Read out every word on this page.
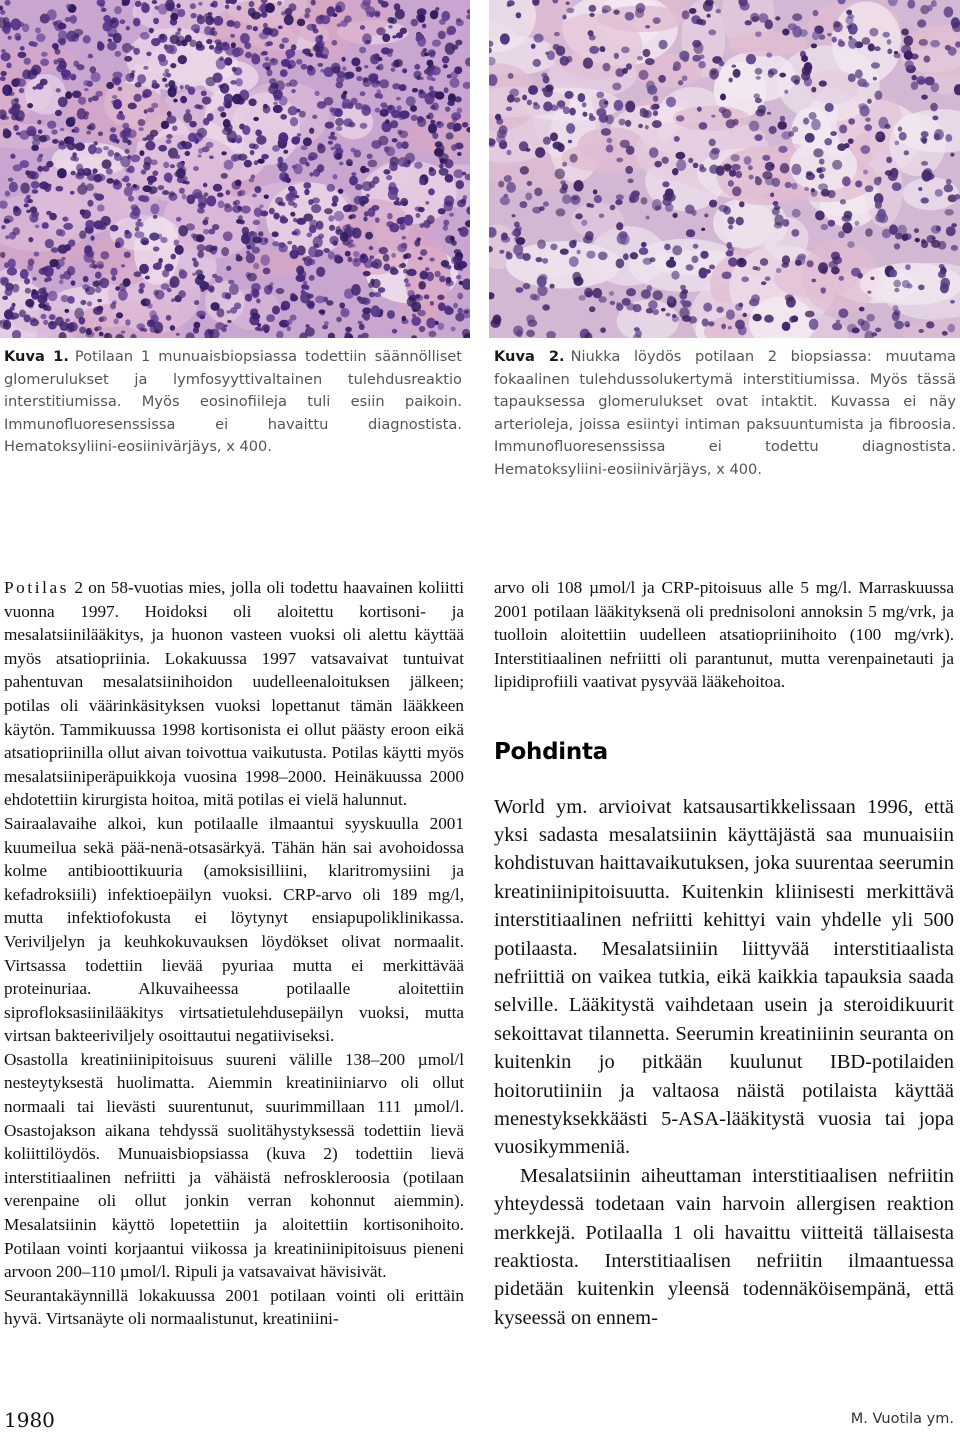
Kuva 1. Potilaan 1 munuaisbiopsiassa todettiin säännölliset glomerulukset ja lymfosyyttivaltainen tulehdusreaktio interstitiumissa. Myös eosinofiileja tuli esiin paikoin. Immunofluoresenssissa ei havaittu diagnostista. Hematoksyliini-eosiinivärjäys, x 400.
Kuva 2. Niukka löydös potilaan 2 biopsiassa: muutama fokaalinen tulehdussolukertymä interstitiumissa. Myös tässä tapauksessa glomerulukset ovat intaktit. Kuvassa ei näy arterioleja, joissa esiintyi intiman paksuuntumista ja fibroosia. Immunofluoresenssissa ei todettu diagnostista. Hematoksyliini-eosiinivärjäys, x 400.

Potilas 2 on 58-vuotias mies, jolla oli todettu haavainen koliitti vuonna 1997. Hoidoksi oli aloitettu kortisoni- ja mesalatsiinilääkitys, ja huonon vasteen vuoksi oli alettu käyttää myös atsatiopriinia. Lokakuussa 1997 vatsavaivat tuntuivat pahentuvan mesalatsiinihoidon uudelleenaloituksen jälkeen; potilas oli väärinkäsityksen vuoksi lopettanut tämän lääkkeen käytön. Tammikuussa 1998 kortisonista ei ollut päästy eroon eikä atsatiopriinilla ollut aivan toivottua vaikutusta. Potilas käytti myös mesalatsiiniperäpuikkoja vuosina 1998–2000. Heinäkuussa 2000 ehdotettiin kirurgista hoitoa, mitä potilas ei vielä halunnut.

Sairaalavaihe alkoi, kun potilaalle ilmaantui syyskuulla 2001 kuumeilua sekä pää-nenä-otsasärkyä. Tähän hän sai avohoidossa kolme antibioottikuuria (amoksisilliini, klaritromysiini ja kefadroksiili) infektioepäilyn vuoksi. CRP-arvo oli 189 mg/l, mutta infektiofokusta ei löytynyt ensiapupoliklinikassa. Veriviljelyn ja keuhkokuvauksen löydökset olivat normaalit. Virtsassa todettiin lievää pyuriaa mutta ei merkittävää proteinuriaa. Alkuvaiheessa potilaalle aloitettiin siprofloksasiinilääkitys virtsatietulehdusepäilyn vuoksi, mutta virtsan bakteeriviljely osoittautui negatiiviseksi.

Osastolla kreatiniinipitoisuus suureni välille 138–200 µmol/l nesteytyksestä huolimatta. Aiemmin kreatiniiniarvo oli ollut normaali tai lievästi suurentunut, suurimmillaan 111 µmol/l. Osastojakson aikana tehdyssä suolitähystyksessä todettiin lievä koliittilöydös. Munuaisbiopsiassa (kuva 2) todettiin lievä interstitiaalinen nefriitti ja vähäistä nefroskleroosia (potilaan verenpaine oli ollut jonkin verran kohonnut aiemmin). Mesalatsiinin käyttö lopetettiin ja aloitettiin kortisonihoito. Potilaan vointi korjaantui viikossa ja kreatiniinipitoisuus pieneni arvoon 200–110 µmol/l. Ripuli ja vatsavaivat hävisivät.

Seurantakäynnillä lokakuussa 2001 potilaan vointi oli erittäin hyvä. Virtsanäyte oli normaalistunut, kreatiniini-

arvo oli 108 µmol/l ja CRP-pitoisuus alle 5 mg/l. Marraskuussa 2001 potilaan lääkityksenä oli prednisoloni annoksin 5 mg/vrk, ja tuolloin aloitettiin uudelleen atsatiopriinihoito (100 mg/vrk). Interstitiaalinen nefriitti oli parantunut, mutta verenpainetauti ja lipidiprofiili vaativat pysyvää lääkehoitoa.

Pohdinta

World ym. arvioivat katsausartikkelissaan 1996, että yksi sadasta mesalatsiinin käyttäjästä saa munuaisiin kohdistuvan haittavaikutuksen, joka suurentaa seerumin kreatiniinipitoisuutta. Kuitenkin kliinisesti merkittävä interstitiaalinen nefriitti kehittyi vain yhdelle yli 500 potilaasta. Mesalatsiiniin liittyvää interstitiaalista nefriittiä on vaikea tutkia, eikä kaikkia tapauksia saada selville. Lääkitystä vaihdetaan usein ja steroidikuurit sekoittavat tilannetta. Seerumin kreatiniinin seuranta on kuitenkin jo pitkään kuulunut IBD-potilaiden hoitorutiiniin ja valtaosa näistä potilaista käyttää menestyksekkäästi 5-ASA-lääkitystä vuosia tai jopa vuosikymmeniä.

Mesalatsiinin aiheuttaman interstitiaalisen nefriitin yhteydessä todetaan vain harvoin allergisen reaktion merkkejä. Potilaalla 1 oli havaittu viitteitä tällaisesta reaktiosta. Interstitiaalisen nefriitin ilmaantuessa pidetään kuitenkin yleensä todennäköisempänä, että kyseessä on ennem-

1980	M. Vuotila ym.
